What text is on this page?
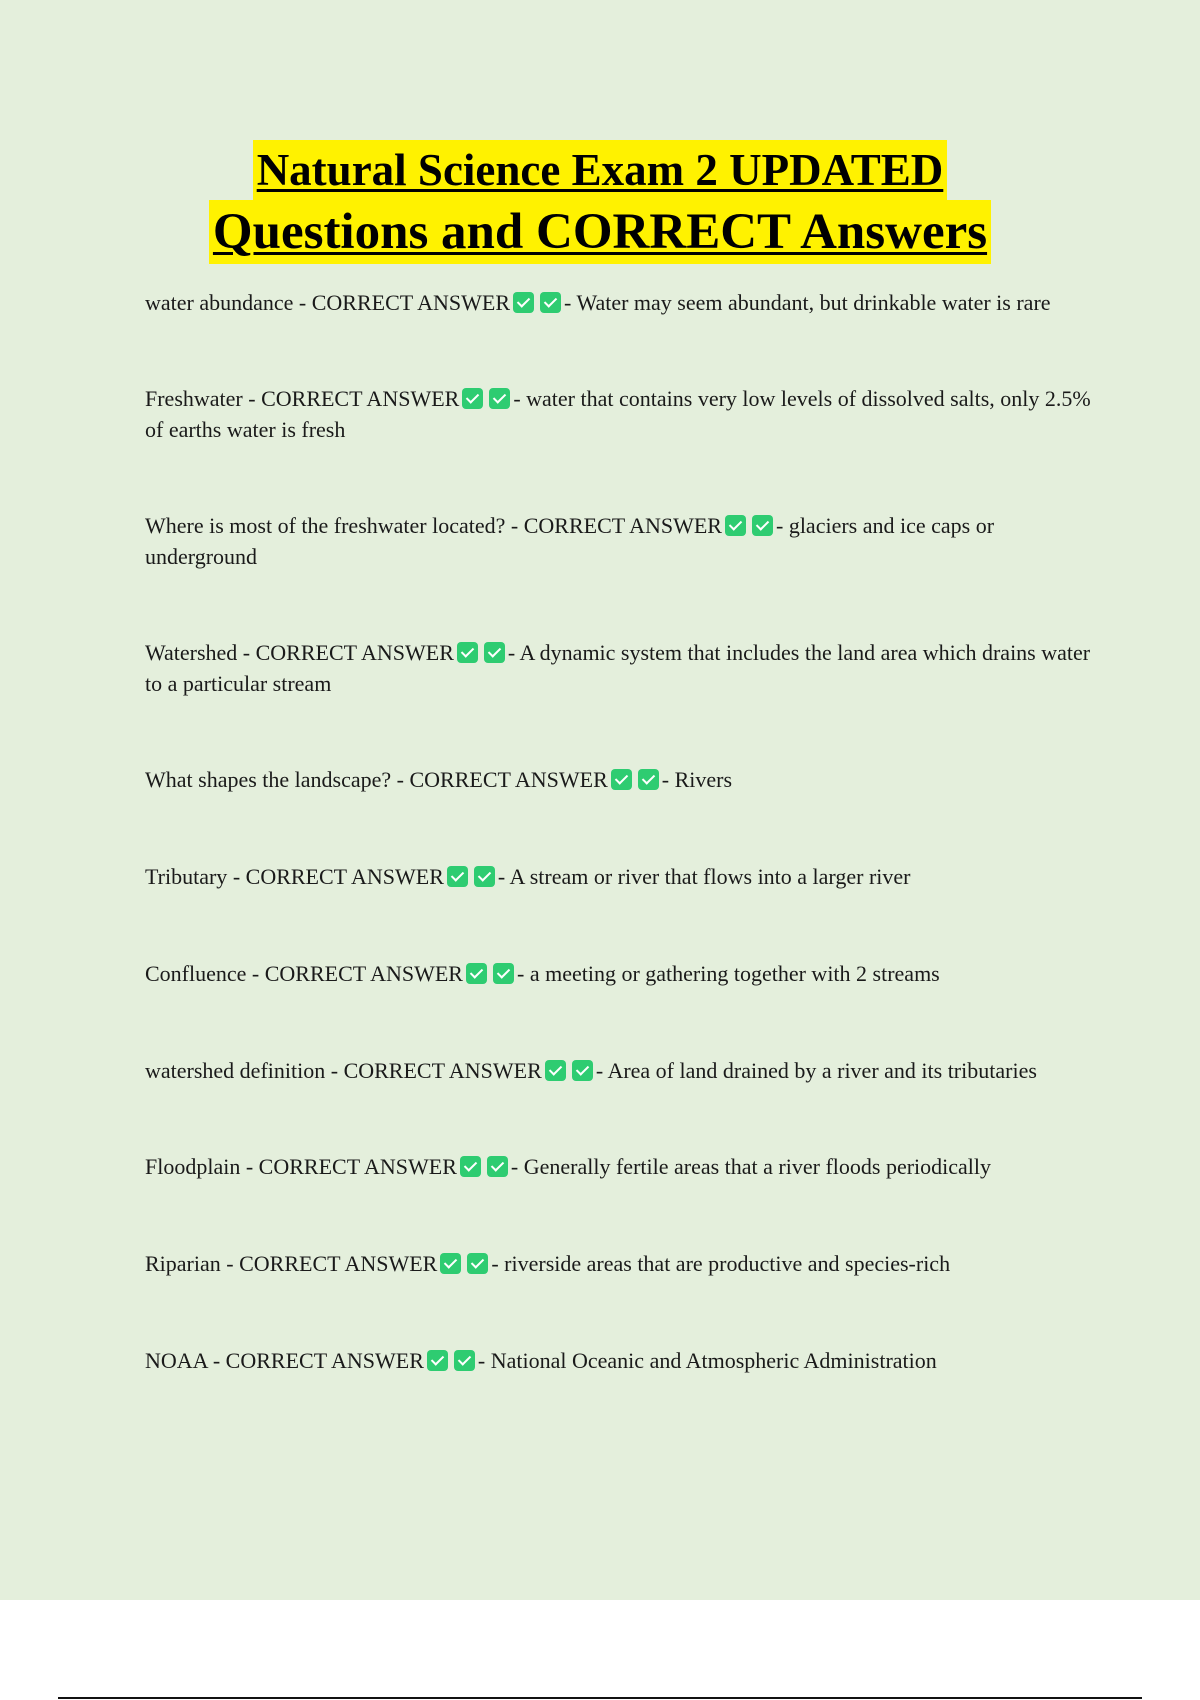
Natural Science Exam 2 UPDATED
Questions and CORRECT Answers

water abundance - CORRECT ANSWER - Water may seem abundant, but drinkable water is rare

Freshwater - CORRECT ANSWER - water that contains very low levels of dissolved salts, only 2.5% of earths water is fresh

Where is most of the freshwater located? - CORRECT ANSWER - glaciers and ice caps or underground

Watershed - CORRECT ANSWER - A dynamic system that includes the land area which drains water to a particular stream

What shapes the landscape? - CORRECT ANSWER - Rivers

Tributary - CORRECT ANSWER - A stream or river that flows into a larger river

Confluence - CORRECT ANSWER - a meeting or gathering together with 2 streams

watershed definition - CORRECT ANSWER - Area of land drained by a river and its tributaries

Floodplain - CORRECT ANSWER - Generally fertile areas that a river floods periodically

Riparian - CORRECT ANSWER - riverside areas that are productive and species-rich

NOAA - CORRECT ANSWER - National Oceanic and Atmospheric Administration
